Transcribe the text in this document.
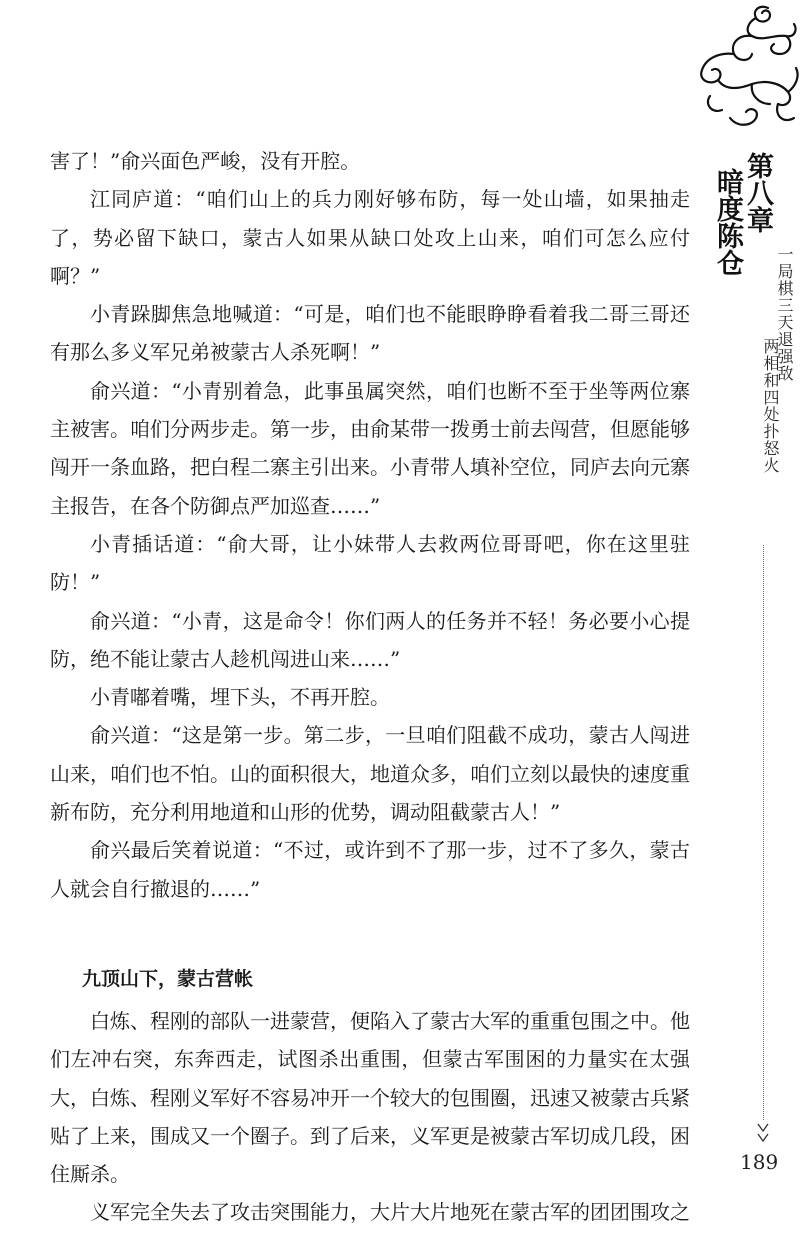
害了！”俞兴面色严峻，没有开腔。

江同庐道：“咱们山上的兵力刚好够布防，每一处山墙，如果抽走了，势必留下缺口，蒙古人如果从缺口处攻上山来，咱们可怎么应付啊？”

小青跺脚焦急地喊道：“可是，咱们也不能眼睁睁看着我二哥三哥还有那么多义军兄弟被蒙古人杀死啊！”

俞兴道：“小青别着急，此事虽属突然，咱们也断不至于坐等两位寨主被害。咱们分两步走。第一步，由俞某带一拨勇士前去闯营，但愿能够闯开一条血路，把白程二寨主引出来。小青带人填补空位，同庐去向元寨主报告，在各个防御点严加巡查……”

小青插话道：“俞大哥，让小妹带人去救两位哥哥吧，你在这里驻防！”

俞兴道：“小青，这是命令！你们两人的任务并不轻！务必要小心提防，绝不能让蒙古人趁机闯进山来……”

小青嘟着嘴，埋下头，不再开腔。

俞兴道：“这是第一步。第二步，一旦咱们阻截不成功，蒙古人闯进山来，咱们也不怕。山的面积很大，地道众多，咱们立刻以最快的速度重新布防，充分利用地道和山形的优势，调动阻截蒙古人！”

俞兴最后笑着说道：“不过，或许到不了那一步，过不了多久，蒙古人就会自行撤退的……”

九顶山下，蒙古营帐

白炼、程刚的部队一进蒙营，便陷入了蒙古大军的重重包围之中。他们左冲右突，东奔西走，试图杀出重围，但蒙古军围困的力量实在太强大，白炼、程刚义军好不容易冲开一个较大的包围圈，迅速又被蒙古兵紧贴了上来，围成又一个圈子。到了后来，义军更是被蒙古军切成几段，困住厮杀。

义军完全失去了攻击突围能力，大片大片地死在蒙古军的团团围攻之

第八章
暗度陈仓
一局棋三天退强敌
两相和四处扑怒火
189
